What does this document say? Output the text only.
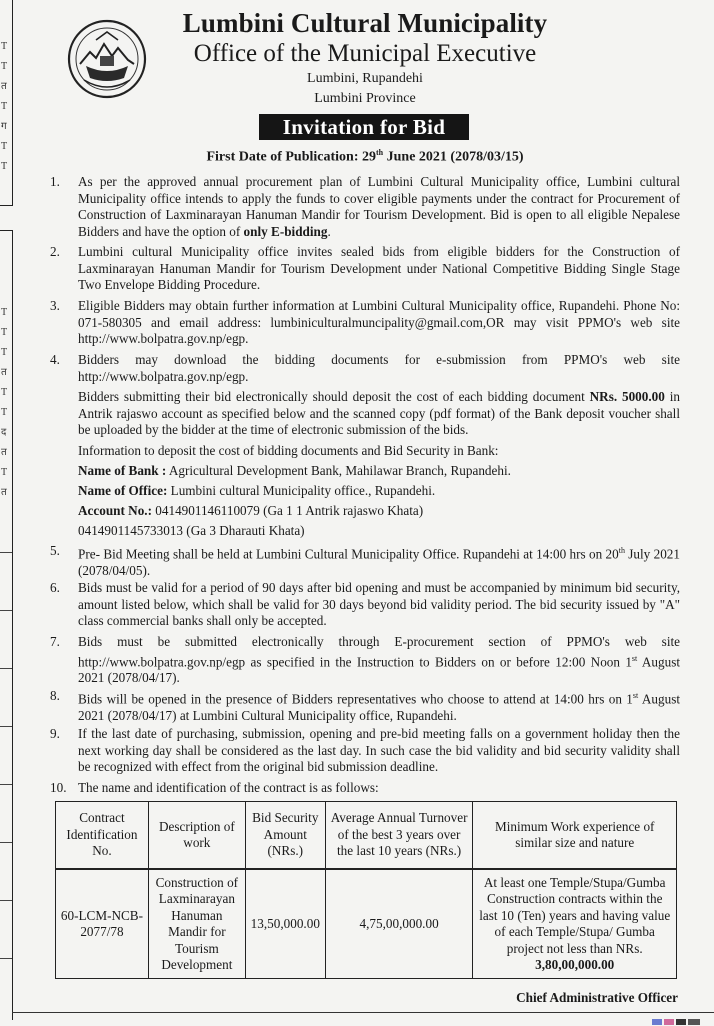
T
T
त
T
ग
T
T
T
T
T
त
T
T
द
त
T
त
Lumbini Cultural Municipality
Office of the Municipal Executive
Lumbini, Rupandehi
Lumbini Province
Invitation for Bid
First Date of Publication: 29th June 2021 (2078/03/15)
1.	As per the approved annual procurement plan of Lumbini Cultural Municipality office, Lumbini cultural Municipality office intends to apply the funds to cover eligible payments under the contract for Procurement of Construction of Laxminarayan Hanuman Mandir for Tourism Development. Bid is open to all eligible Nepalese Bidders and have the option of only E-bidding.
2.	Lumbini cultural Municipality office invites sealed bids from eligible bidders for the Construction of Laxminarayan Hanuman Mandir for Tourism Development under National Competitive Bidding Single Stage Two Envelope Bidding Procedure.
3.	Eligible Bidders may obtain further information at Lumbini Cultural Municipality office, Rupandehi. Phone No: 071-580305 and email address: lumbiniculturalmuncipality@gmail.com,OR may visit PPMO's web site http://www.bolpatra.gov.np/egp.
4.	Bidders may download the bidding documents for e-submission from PPMO's web site http://www.bolpatra.gov.np/egp.
Bidders submitting their bid electronically should deposit the cost of each bidding document NRs. 5000.00 in Antrik rajaswo account as specified below and the scanned copy (pdf format) of the Bank deposit voucher shall be uploaded by the bidder at the time of electronic submission of the bids.
Information to deposit the cost of bidding documents and Bid Security in Bank:
Name of Bank : Agricultural Development Bank, Mahilawar Branch, Rupandehi.
Name of Office: Lumbini cultural Municipality office., Rupandehi.
Account No.: 0414901146110079 (Ga 1 1 Antrik rajaswo Khata)
0414901145733013 (Ga 3 Dharauti Khata)
5.	Pre- Bid Meeting shall be held at Lumbini Cultural Municipality Office. Rupandehi at 14:00 hrs on 20th July 2021 (2078/04/05).
6.	Bids must be valid for a period of 90 days after bid opening and must be accompanied by minimum bid security, amount listed below, which shall be valid for 30 days beyond bid validity period. The bid security issued by "A" class commercial banks shall only be accepted.
7.	Bids must be submitted electronically through E-procurement section of PPMO's web site http://www.bolpatra.gov.np/egp as specified in the Instruction to Bidders on or before 12:00 Noon 1st August 2021 (2078/04/17).
8.	Bids will be opened in the presence of Bidders representatives who choose to attend at 14:00 hrs on 1st August 2021 (2078/04/17) at Lumbini Cultural Municipality office, Rupandehi.
9.	If the last date of purchasing, submission, opening and pre-bid meeting falls on a government holiday then the next working day shall be considered as the last day. In such case the bid validity and bid security validity shall be recognized with effect from the original bid submission deadline.
10. The name and identification of the contract is as follows:
Contract Identification No.	Description of work	Bid Security Amount (NRs.)	Average Annual Turnover of the best 3 years over the last 10 years (NRs.)	Minimum Work experience of similar size and nature
60-LCM-NCB-2077/78	Construction of Laxminarayan Hanuman Mandir for Tourism Development	13,50,000.00	4,75,00,000.00	At least one Temple/Stupa/Gumba Construction contracts within the last 10 (Ten) years and having value of each Temple/Stupa/ Gumba project not less than NRs.
3,80,00,000.00
Chief Administrative Officer
